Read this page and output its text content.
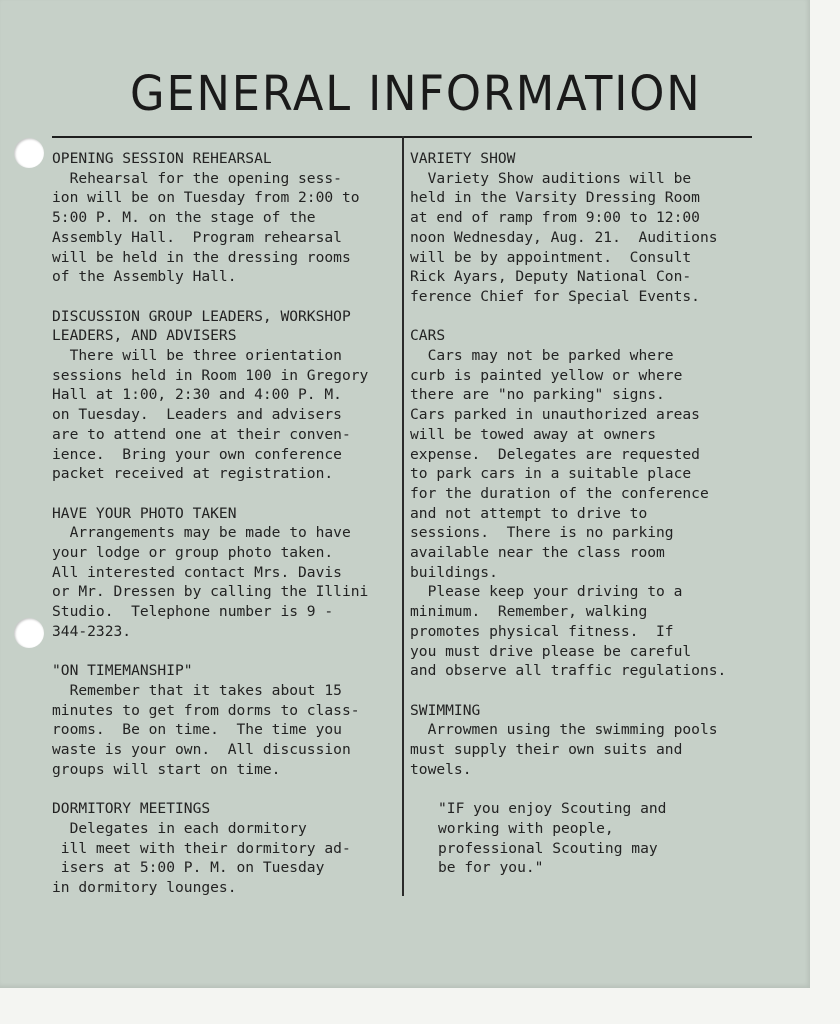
GENERAL INFORMATION
OPENING SESSION REHEARSAL
Rehearsal for the opening sess-
ion will be on Tuesday from 2:00 to
5:00 P. M. on the stage of the
Assembly Hall.  Program rehearsal
will be held in the dressing rooms
of the Assembly Hall.
DISCUSSION GROUP LEADERS, WORKSHOP
LEADERS, AND ADVISERS
There will be three orientation
sessions held in Room 100 in Gregory
Hall at 1:00, 2:30 and 4:00 P. M.
on Tuesday.  Leaders and advisers
are to attend one at their conven-
ience.  Bring your own conference
packet received at registration.
HAVE YOUR PHOTO TAKEN
Arrangements may be made to have
your lodge or group photo taken.
All interested contact Mrs. Davis
or Mr. Dressen by calling the Illini
Studio.  Telephone number is 9 -
344-2323.
"ON TIMEMANSHIP"
Remember that it takes about 15
minutes to get from dorms to class-
rooms.  Be on time.  The time you
waste is your own.  All discussion
groups will start on time.
DORMITORY MEETINGS
Delegates in each dormitory
ill meet with their dormitory ad-
isers at 5:00 P. M. on Tuesday
in dormitory lounges.
VARIETY SHOW
Variety Show auditions will be
held in the Varsity Dressing Room
at end of ramp from 9:00 to 12:00
noon Wednesday, Aug. 21.  Auditions
will be by appointment.  Consult
Rick Ayars, Deputy National Con-
ference Chief for Special Events.
CARS
Cars may not be parked where
curb is painted yellow or where
there are "no parking" signs.
Cars parked in unauthorized areas
will be towed away at owners
expense.  Delegates are requested
to park cars in a suitable place
for the duration of the conference
and not attempt to drive to
sessions.  There is no parking
available near the class room
buildings.
Please keep your driving to a
minimum.  Remember, walking
promotes physical fitness.  If
you must drive please be careful
and observe all traffic regulations.
SWIMMING
Arrowmen using the swimming pools
must supply their own suits and
towels.
"IF you enjoy Scouting and
working with people,
professional Scouting may
be for you."
